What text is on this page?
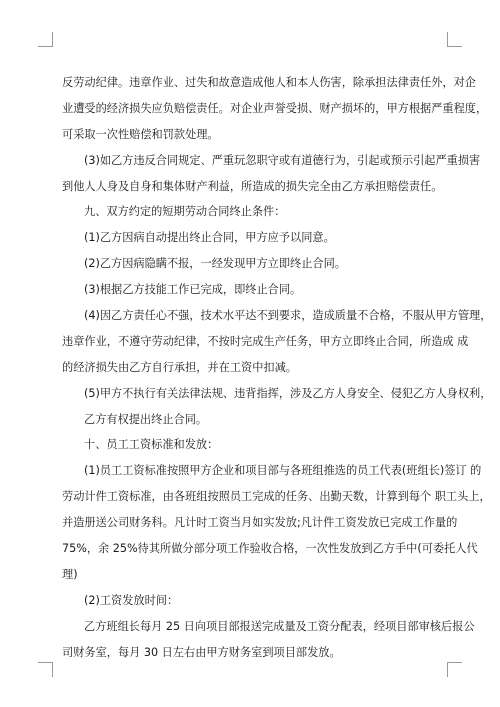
反劳动纪律。违章作业、过失和故意造成他人和本人伤害，除承担法律责任外，对企
业遭受的经济损失应负赔偿责任。对企业声誉受损、财产损坏的，甲方根据严重程度，
可采取一次性赔偿和罚款处理。
(3)如乙方违反合同规定、严重玩忽职守或有道德行为，引起或预示引起严重损害
到他人人身及自身和集体财产利益，所造成的损失完全由乙方承担赔偿责任。
九、双方约定的短期劳动合同终止条件：
(1)乙方因病自动提出终止合同，甲方应予以同意。
(2)乙方因病隐瞒不报，一经发现甲方立即终止合同。
(3)根据乙方技能工作已完成，即终止合同。
(4)因乙方责任心不强，技术水平达不到要求，造成质量不合格，不服从甲方管理，
违章作业，不遵守劳动纪律，不按时完成生产任务，甲方立即终止合同，所造成 成
的经济损失由乙方自行承担，并在工资中扣减。
(5)甲方不执行有关法律法规、违背指挥，涉及乙方人身安全、侵犯乙方人身权利，
乙方有权提出终止合同。
十、员工工资标准和发放：
(1)员工工资标准按照甲方企业和项目部与各班组推选的员工代表(班组长)签订 的
劳动计件工资标准，由各班组按照员工完成的任务、出勤天数，计算到每个 职工头上，
并造册送公司财务科。凡计时工资当月如实发放;凡计件工资发放已完成工作量的
75%，余 25%待其所做分部分项工作验收合格，一次性发放到乙方手中(可委托人代
理)
(2)工资发放时间：
乙方班组长每月 25 日向项目部报送完成量及工资分配表，经项目部审核后报公
司财务室，每月 30 日左右由甲方财务室到项目部发放。
